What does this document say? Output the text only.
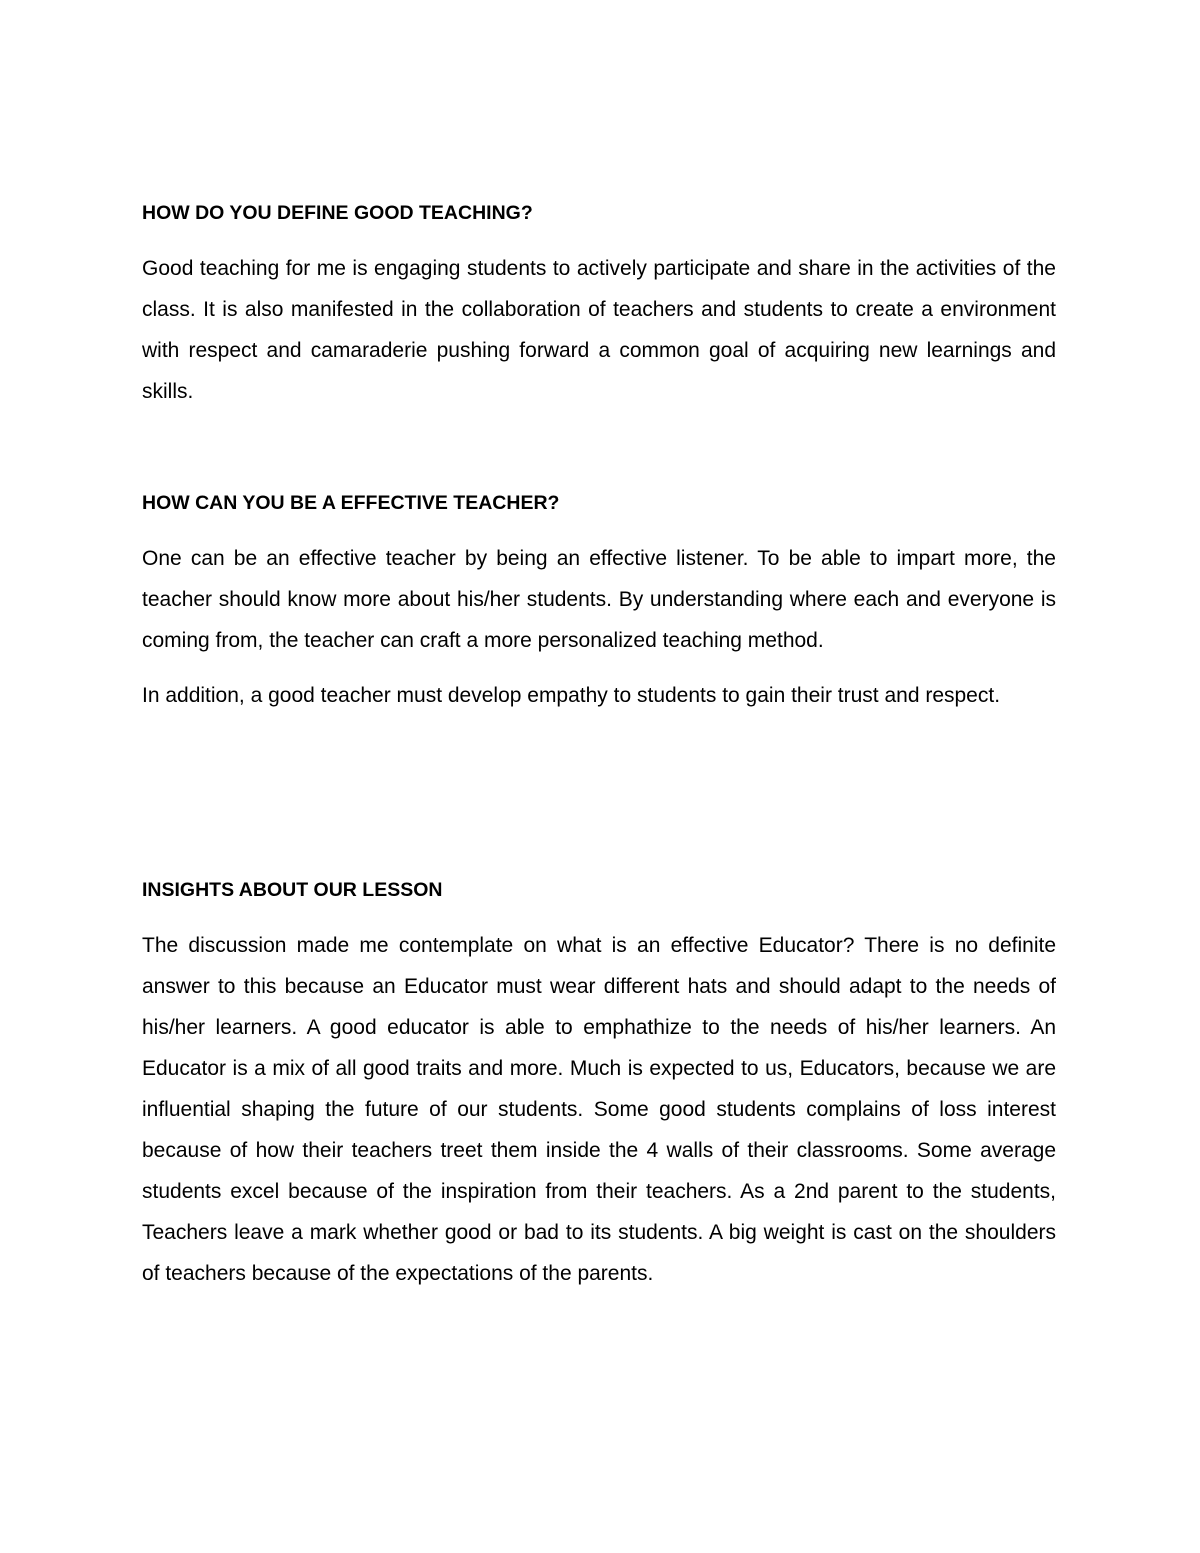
HOW DO YOU DEFINE GOOD TEACHING?

Good teaching for me is engaging students to actively participate and share in the activities of the class. It is also manifested in the collaboration of teachers and students to create a environment with respect and camaraderie pushing forward a common goal of acquiring new learnings and skills.

HOW CAN YOU BE A EFFECTIVE TEACHER?

One can be an effective teacher by being an effective listener. To be able to impart more, the teacher should know more about his/her students. By understanding where each and everyone is coming from, the teacher can craft a more personalized teaching method.

In addition, a good teacher must develop empathy to students to gain their trust and respect.

INSIGHTS ABOUT OUR LESSON

The discussion made me contemplate on what is an effective Educator? There is no definite answer to this because an Educator must wear different hats and should adapt to the needs of his/her learners. A good educator is able to emphathize to the needs of his/her learners. An Educator is a mix of all good traits and more. Much is expected to us, Educators, because we are influential shaping the future of our students. Some good students complains of loss interest because of how their teachers treet them inside the 4 walls of their classrooms. Some average students excel because of the inspiration from their teachers. As a 2nd parent to the students, Teachers leave a mark whether good or bad to its students. A big weight is cast on the shoulders of teachers because of the expectations of the parents.
